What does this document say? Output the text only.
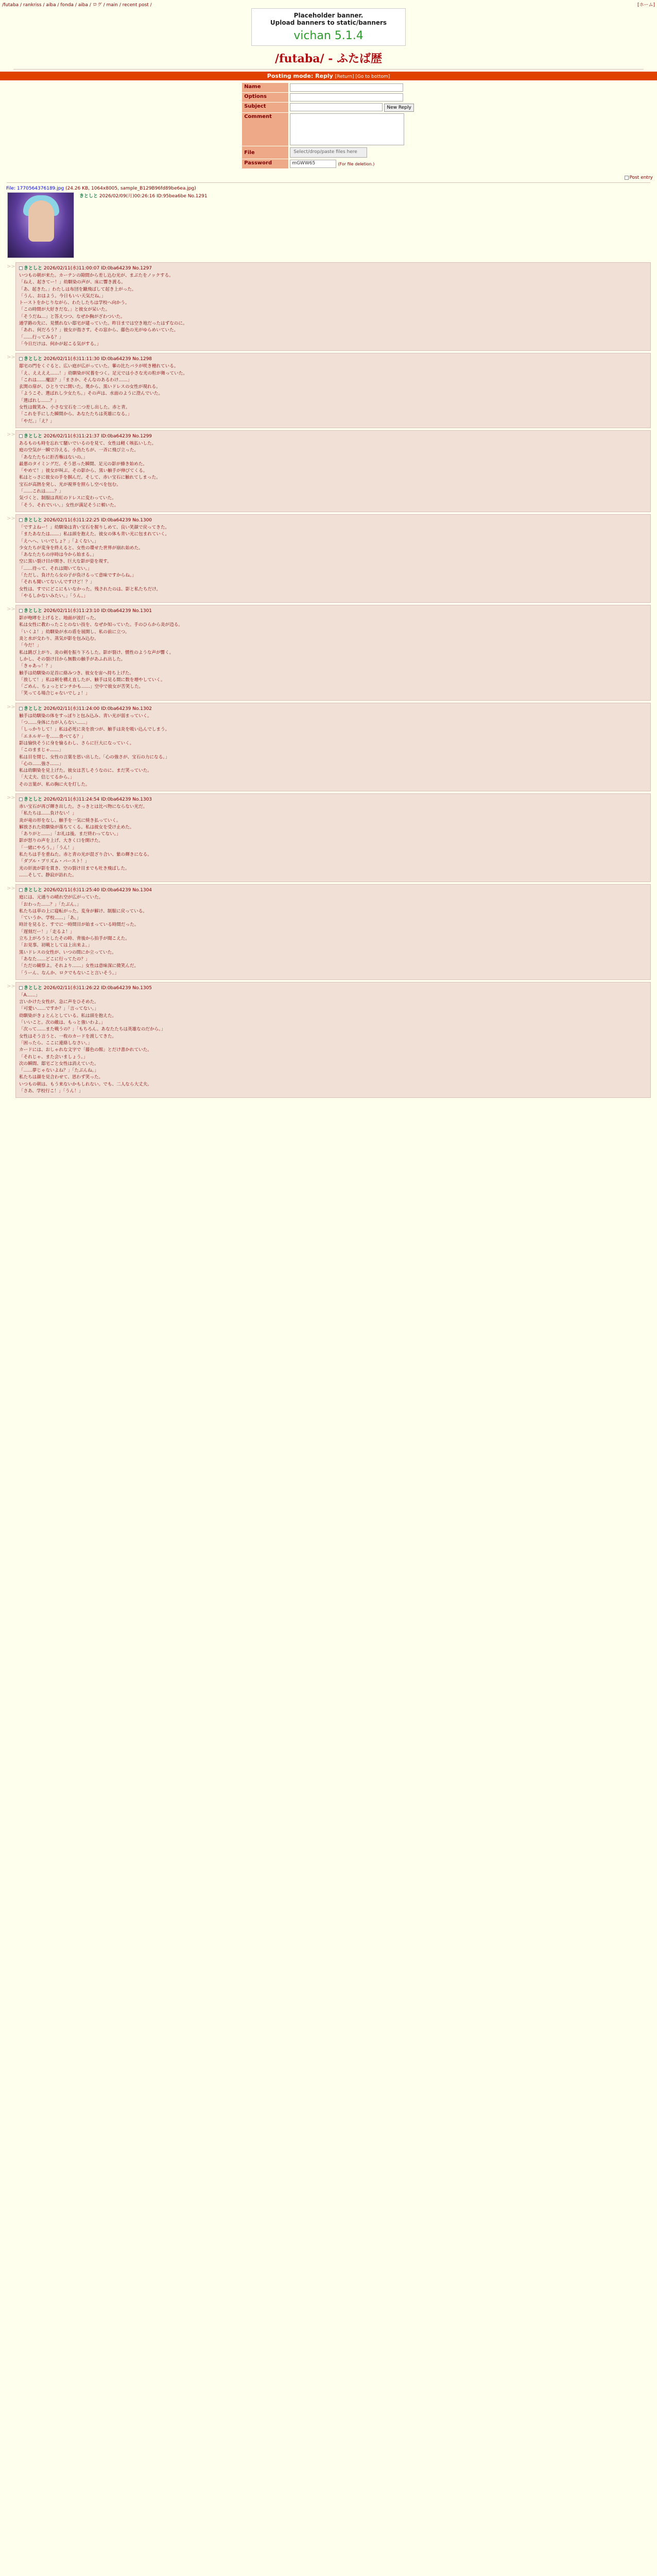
/futaba / rankriss / aiba / fonda / aiba / ログ / main / recent post /	[ホーム]
Placeholder banner.
Upload banners to static/banners
vichan 5.1.4
/futaba/ - ふたば歴
Posting mode: Reply [Return] [Go to bottom]
Name	

Options	

Subject	New Reply
Comment	

File	Select/drop/paste files here

Password	mGWW65 (For file deletion.)
Post entry
File: 1770564376189.jpg (24.26 KB, 1064x8005, sample_B129B96fd89be6ea.jpg)
きとしと 2026/02/09(月)00:26:16 ID:95bea6be No.1291
>>	きとしと 2026/02/11(水)11:00:07 ID:0ba64239 No.1297
いつもの朝が来た。カーテンの隙間から差し込む光が、まぶたをノックする。
「ねえ、起きてー！」幼馴染の声が、床に響き渡る。
「あ、起きた。」わたしは布団を蹴飛ばして起き上がった。
「うん、おはよう。今日もいい天気だね。」
トーストをかじりながら、わたしたちは学校へ向かう。
「この時間が大好きだな。」と彼女が呆いた。
「そうだね…」と答えつつ、なぜか胸がざわついた。
通学路の先に、見慣れない邸宅が建っていた。昨日までは空き地だったはずなのに。
「あれ、何だろう？」彼女が指さす。その窓から、藤色の光がゆらめいていた。
「……行ってみる？」
「今日だけは、何かが起こる気がする。」
>>	きとしと 2026/02/11(水)11:11:30 ID:0ba64239 No.1298
邸宅の門をくぐると、広い庭が広がっていた。藆の比たバラが咲き種れている。
「え、ええええ……！」幼馴染が尻養をつく。足元では小さな光の粒が舞っていた。
「これは……魔法？」「まさか、そんなのあるわけ……」
玄関の扉が、ひとりでに開いた。奥から、黒いドレスの女性が現れる。
「ようこそ、選ばれし少女たち。」その声は、水面のように澄んでいた。
「選ばれし……？」
女性は微笑み、小さな宝石を二つ差し出した。赤と青。
「これを手にした瞬間から、あなたたちは英雄になる。」
「やだ。」「え？」
>>	きとしと 2026/02/11(水)11:21:37 ID:0ba64239 No.1299
あるものも時を忘れて騒いでいるのを見て、女性は軽く咳払いした。
庭の空気が一瞬で冷える。小鳥たちが、一斉に飛び立った。
「あなたたちに拒否権はないの。」
最悪のタイミングだ。そう思った瞬間、足元の影が蜂き始めた。
「やめて！」彼女が叫ぶ。その影から、黒い触手が伸びてくる。
私はとっさに彼女の手を掴んだ。そして、赤い宝石に触れてしまった。
宝石が高熱を発し、光が視界を照らし空べを包む。
「……これは……？」
気づくと、制服は真紅のドレスに変わっていた。
「そう、それでいい。」女性が満足そうに頓いた。
>>	きとしと 2026/02/11(水)11:22:25 ID:0ba64239 No.1300
「ですよねー！」幼馴染は青い宝石を握りしめて、良い笑顔で戻ってきた。
「またあなたは……」私は頭を抱えた。彼女の体も青い光に包まれていく。
「えへへ、いいでしょ？」「よくない。」
少女たちが変身を終えると、女性の環せた世界が崩れ始めた。
「あなたたちの序時は今から始まる。」
空に黒い裂け目が開き、巨大な影が姿を現す。
「……待って、それは聞いてない。」
「ただし、負けたら女の子が負けるって意味ですからね。」
「それも聞いてないんですけど！？」
女性は、すでにどこにもいなかった。残されたのは、影と私たちだけ。
「やるしかないみたい。」「うん。」
>>	きとしと 2026/02/11(水)11:23:10 ID:0ba64239 No.1301
影が咆哮を上げると、地面が波打った。
私は女性に教わったことのない技を、なぜか知っていた。手のひらから炎が辸る。
「いくよ！」幼馴染が水の盾を展開し、私の前に立つ。
炎と水が交わり、蒸気が影を包み込む。
「今だ！」
私は跳び上がり、炎の剣を振り下ろした。影が裂け、慣性のような声が響く。
しかし、その裂け目から無数の触手があふれ出した。
「きゃあっ！？」
触手は幼馴染の足首に絡みつき、彼女を宙へ持ち上げた。
「放して！」私は剣を構え直したが、触手は見る間に数を増やしていく。
「ごめん、ちょっとピンチかも……」空中で彼女が苦笑した。
「笑ってる場合じゃないでしょ！」
>>	きとしと 2026/02/11(水)11:24:00 ID:0ba64239 No.1302
触手は幼馴染の体をすっぽりと包み込み、青い光が弱まっていく。
「つ……身体に力が入らない……」
「しっかりして！」私は必死に炎を放つが、触手は炎を吸い込んでしまう。
「エネルギーを……食べてる？」
影は愉快そうに身を愉るわし、さらに巨大になっていく。
「このままじゃ……」
私は目を閉じ、女性の言葉を思い出した。「心の強さが、宝石の力になる。」
「心の……強さ……」
私は幼馴染を見上げた。彼女は苦しそうなのに、まだ笑っていた。
「大丈夫、信じてるから。」
その言葉が、私の胸に火を灯した。
>>	きとしと 2026/02/11(水)11:24:54 ID:0ba64239 No.1303
赤い宝石が再び輝き出した。さっきとは比べ物にならない光だ。
「私たちは……負けない！」
炎が竜の形をなし、触手を一気に焼き払っていく。
解放された幼馴染が落ちてくる。私は彼女を受け止めた。
「ありがと……」「お礼は後。まだ終わってない。」
影が怒りの声を上げ、大きく口を開けた。
「一緒にやろう。」「うん！」
私たちは手を重ねた。赤と青の光が混ざり合い、紫の輝きになる。
「ダブル・プリズム・バースト！」
光の奸流が影を貫き、空の裂け目までも吐き飛ばした。
……そして、静寂が訪れた。
>>	きとしと 2026/02/11(水)11:25:40 ID:0ba64239 No.1304
庭には、元通りの晴れ空が広がっていた。
「おわった……？」「たぶん。」
私たちは草の上に寝転がった。変身が解け、制服に戻っている。
「ていうか、学校……」「あ。」
時計を見ると、すでに一時間目が始まっている時間だった。
「遅刻だー！」「走るよ！」
立ち上がろうとしたその時、背後から拍手が聞こえた。
「お見事。初戦としては上出来よ。」
黒いドレスの女性が、いつの間にか立っていた。
「あなた……どこに行ってたの？」
「ただの観察よ。それより……」女性は意味深に微笑んだ。
「うーん、なんか、ロクでもないこと言いそう。」
>>	きとしと 2026/02/11(水)11:26:22 ID:0ba64239 No.1305
「A……」
言いかけた女性が、急に声をひそめた。
「可愛い……ですか？」「言ってない。」
幼馴染がきょとんとしている。私は頭を抱えた。
「いいこと。次の敵は、もっと強いわよ。」
「次って……また戦うの？」「もちろん。あなたたちは英雄なのだから。」
女性はそう言うと、一枚のカードを渡してきた。
「困ったら、ここに連絡しなさい。」
カードには、おしゃれな文字で「藤色の館」とだけ書かれていた。
「それじゃ、また会いましょう。」
次の瞬間、邸宅ごと女性は消えていた。
「……夢じゃないよね？」「たぶんね。」
私たちは顔を見合わせて、思わず笑った。
いつもの朝は、もう来ないかもしれない。でも、二人なら大丈夫。
「さあ、学校行こ！」「うん！」
